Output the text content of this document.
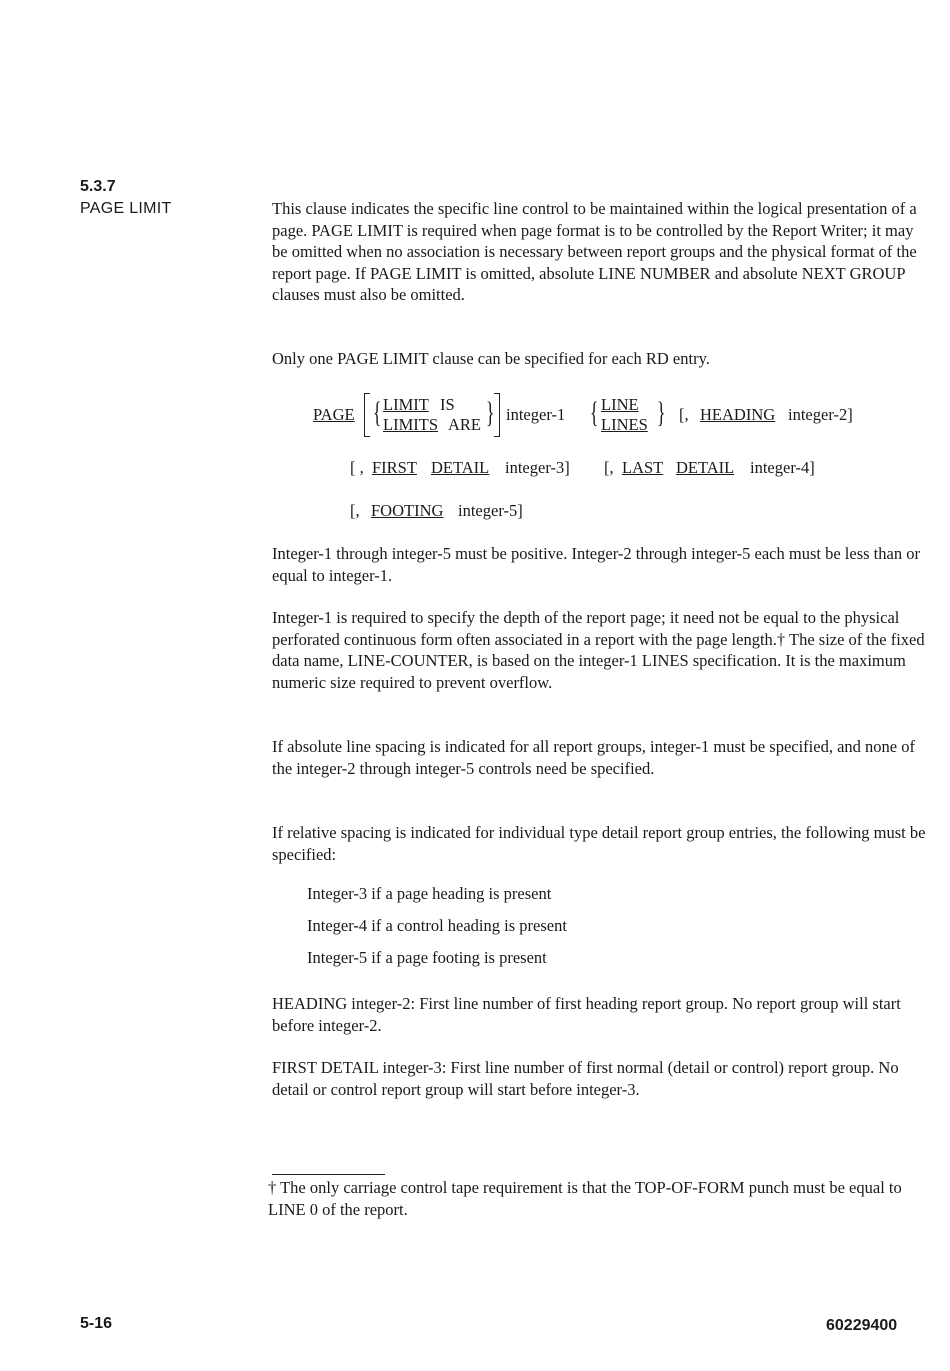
5.3.7
PAGE LIMIT	This clause indicates the specific line control to be maintained within the logical presentation of a page. PAGE LIMIT is required when page format is to be controlled by the Report Writer; it may be omitted when no association is necessary between report groups and the physical format of the report page. If PAGE LIMIT is omitted, absolute LINE NUMBER and absolute NEXT GROUP clauses must also be omitted.

Only one PAGE LIMIT clause can be specified for each RD entry.

PAGE { LIMIT IS
LIMITS ARE } integer-1 { LINE
LINES } [, HEADING integer-2]
[ , FIRST DETAIL integer-3] [, LAST DETAIL integer-4]
[, FOOTING integer-5]

Integer-1 through integer-5 must be positive. Integer-2 through integer-5 each must be less than or equal to integer-1.

Integer-1 is required to specify the depth of the report page; it need not be equal to the physical perforated continuous form often associated in a report with the page length.† The size of the fixed data name, LINE-COUNTER, is based on the integer-1 LINES specification. It is the maximum numeric size required to prevent overflow.

If absolute line spacing is indicated for all report groups, integer-1 must be specified, and none of the integer-2 through integer-5 controls need be specified.

If relative spacing is indicated for individual type detail report group entries, the following must be specified:

Integer-3 if a page heading is present
Integer-4 if a control heading is present
Integer-5 if a page footing is present

HEADING integer-2: First line number of first heading report group. No report group will start before integer-2.

FIRST DETAIL integer-3: First line number of first normal (detail or control) report group. No detail or control report group will start before integer-3.

† The only carriage control tape requirement is that the TOP-OF-FORM punch must be equal to LINE 0 of the report.
5-16	60229400
